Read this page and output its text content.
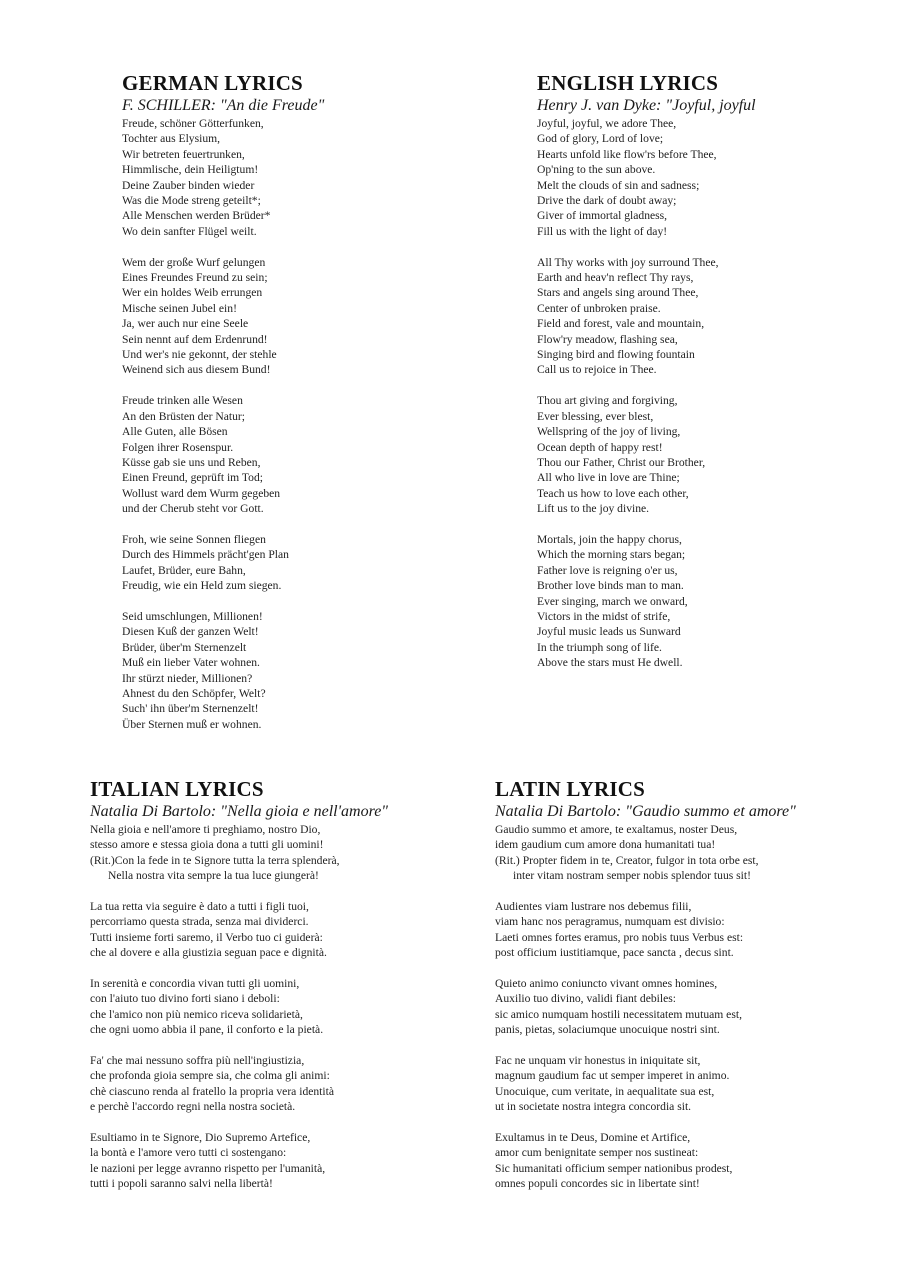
GERMAN LYRICS
F. SCHILLER: "An die Freude"
Freude, schöner Götterfunken,
Tochter aus Elysium,
Wir betreten feuertrunken,
Himmlische, dein Heiligtum!
Deine Zauber binden wieder
Was die Mode streng geteilt*;
Alle Menschen werden Brüder*
Wo dein sanfter Flügel weilt.
Wem der große Wurf gelungen
Eines Freundes Freund zu sein;
Wer ein holdes Weib errungen
Mische seinen Jubel ein!
Ja, wer auch nur eine Seele
Sein nennt auf dem Erdenrund!
Und wer's nie gekonnt, der stehle
Weinend sich aus diesem Bund!
Freude trinken alle Wesen
An den Brüsten der Natur;
Alle Guten, alle Bösen
Folgen ihrer Rosenspur.
Küsse gab sie uns und Reben,
Einen Freund, geprüft im Tod;
Wollust ward dem Wurm gegeben
und der Cherub steht vor Gott.
Froh, wie seine Sonnen fliegen
Durch des Himmels prächt'gen Plan
Laufet, Brüder, eure Bahn,
Freudig, wie ein Held zum siegen.
Seid umschlungen, Millionen!
Diesen Kuß der ganzen Welt!
Brüder, über'm Sternenzelt
Muß ein lieber Vater wohnen.
Ihr stürzt nieder, Millionen?
Ahnest du den Schöpfer, Welt?
Such' ihn über'm Sternenzelt!
Über Sternen muß er wohnen.
ENGLISH LYRICS
Henry J. van Dyke: "Joyful, joyful
Joyful, joyful, we adore Thee,
God of glory, Lord of love;
Hearts unfold like flow'rs before Thee,
Op'ning to the sun above.
Melt the clouds of sin and sadness;
Drive the dark of doubt away;
Giver of immortal gladness,
Fill us with the light of day!
All Thy works with joy surround Thee,
Earth and heav'n reflect Thy rays,
Stars and angels sing around Thee,
Center of unbroken praise.
Field and forest, vale and mountain,
Flow'ry meadow, flashing sea,
Singing bird and flowing fountain
Call us to rejoice in Thee.
Thou art giving and forgiving,
Ever blessing, ever blest,
Wellspring of the joy of living,
Ocean depth of happy rest!
Thou our Father, Christ our Brother,
All who live in love are Thine;
Teach us how to love each other,
Lift us to the joy divine.
Mortals, join the happy chorus,
Which the morning stars began;
Father love is reigning o'er us,
Brother love binds man to man.
Ever singing, march we onward,
Victors in the midst of strife,
Joyful music leads us Sunward
In the triumph song of life.
Above the stars must He dwell.
ITALIAN LYRICS
Natalia Di Bartolo: "Nella gioia e nell'amore"
Nella gioia e nell'amore ti preghiamo, nostro Dio,
stesso amore e stessa gioia dona a tutti gli uomini!
(Rit.)Con la fede in te Signore tutta la terra splenderà,
Nella nostra vita sempre la tua luce giungerà!
La tua retta via seguire è dato a tutti i figli tuoi,
percorriamo questa strada, senza mai dividerci.
Tutti insieme forti saremo, il Verbo tuo ci guiderà:
che al dovere e alla giustizia seguan pace e dignità.
In serenità e concordia vivan tutti gli uomini,
con l'aiuto tuo divino forti siano i deboli:
che l'amico non più nemico riceva solidarietà,
che ogni uomo abbia il pane, il conforto e la pietà.
Fa' che mai nessuno soffra più nell'ingiustizia,
che profonda gioia sempre sia, che colma gli animi:
chè ciascuno renda al fratello la propria vera identità
e perchè l'accordo regni nella nostra società.
Esultiamo in te Signore, Dio Supremo Artefice,
la bontà e l'amore vero tutti ci sostengano:
le nazioni per legge avranno rispetto per l'umanità,
tutti i popoli saranno salvi nella libertà!
LATIN LYRICS
Natalia Di Bartolo: "Gaudio summo et amore"
Gaudio summo et amore, te exaltamus, noster Deus,
idem gaudium cum amore dona humanitati tua!
(Rit.) Propter fidem in te, Creator, fulgor in tota orbe est,
inter vitam nostram semper nobis splendor tuus sit!
Audientes viam lustrare nos debemus filii,
viam hanc nos peragramus, numquam est divisio:
Laeti omnes fortes eramus, pro nobis tuus Verbus est:
post officium iustitiamque, pace sancta , decus sint.
Quieto animo coniuncto vivant omnes homines,
Auxilio tuo divino, validi fiant debiles:
sic amico numquam hostili necessitatem mutuam est,
panis, pietas, solaciumque unocuique nostri sint.
Fac ne unquam vir honestus in iniquitate sit,
magnum gaudium fac ut semper imperet in animo.
Unocuique, cum veritate, in aequalitate sua est,
ut in societate nostra integra concordia sit.
Exultamus in te Deus, Domine et Artifice,
amor cum benignitate semper nos sustineat:
Sic humanitati officium semper nationibus prodest,
omnes populi concordes sic in libertate sint!
